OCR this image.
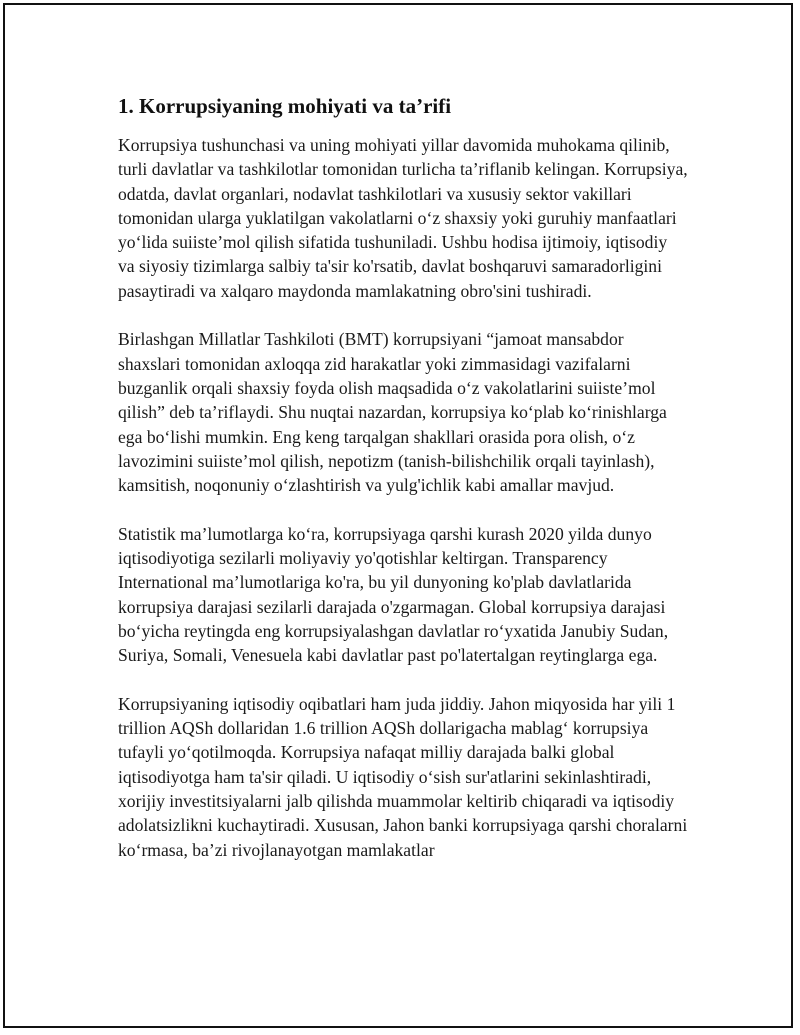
1. Korrupsiyaning mohiyati va ta’rifi

Korrupsiya tushunchasi va uning mohiyati yillar davomida muhokama qilinib, turli davlatlar va tashkilotlar tomonidan turlicha ta’riflanib kelingan. Korrupsiya, odatda, davlat organlari, nodavlat tashkilotlari va xususiy sektor vakillari tomonidan ularga yuklatilgan vakolatlarni o‘z shaxsiy yoki guruhiy manfaatlari yo‘lida suiiste’mol qilish sifatida tushuniladi. Ushbu hodisa ijtimoiy, iqtisodiy va siyosiy tizimlarga salbiy ta'sir ko'rsatib, davlat boshqaruvi samaradorligini pasaytiradi va xalqaro maydonda mamlakatning obro'sini tushiradi.

Birlashgan Millatlar Tashkiloti (BMT) korrupsiyani “jamoat mansabdor shaxslari tomonidan axloqqa zid harakatlar yoki zimmasidagi vazifalarni buzganlik orqali shaxsiy foyda olish maqsadida o‘z vakolatlarini suiiste’mol qilish” deb ta’riflaydi. Shu nuqtai nazardan, korrupsiya ko‘plab ko‘rinishlarga ega bo‘lishi mumkin. Eng keng tarqalgan shakllari orasida pora olish, o‘z lavozimini suiiste’mol qilish, nepotizm (tanish-bilishchilik orqali tayinlash), kamsitish, noqonuniy o‘zlashtirish va yulg'ichlik kabi amallar mavjud.

Statistik ma’lumotlarga ko‘ra, korrupsiyaga qarshi kurash 2020 yilda dunyo iqtisodiyotiga sezilarli moliyaviy yo'qotishlar keltirgan. Transparency International ma’lumotlariga ko'ra, bu yil dunyoning ko'plab davlatlarida korrupsiya darajasi sezilarli darajada o'zgarmagan. Global korrupsiya darajasi bo‘yicha reytingda eng korrupsiyalashgan davlatlar ro‘yxatida Janubiy Sudan, Suriya, Somali, Venesuela kabi davlatlar past po'latertalgan reytinglarga ega.

Korrupsiyaning iqtisodiy oqibatlari ham juda jiddiy. Jahon miqyosida har yili 1 trillion AQSh dollaridan 1.6 trillion AQSh dollarigacha mablag‘ korrupsiya tufayli yo‘qotilmoqda. Korrupsiya nafaqat milliy darajada balki global iqtisodiyotga ham ta'sir qiladi. U iqtisodiy o‘sish sur'atlarini sekinlashtiradi, xorijiy investitsiyalarni jalb qilishda muammolar keltirib chiqaradi va iqtisodiy adolatsizlikni kuchaytiradi. Xususan, Jahon banki korrupsiyaga qarshi choralarni ko‘rmasa, ba’zi rivojlanayotgan mamlakatlar
